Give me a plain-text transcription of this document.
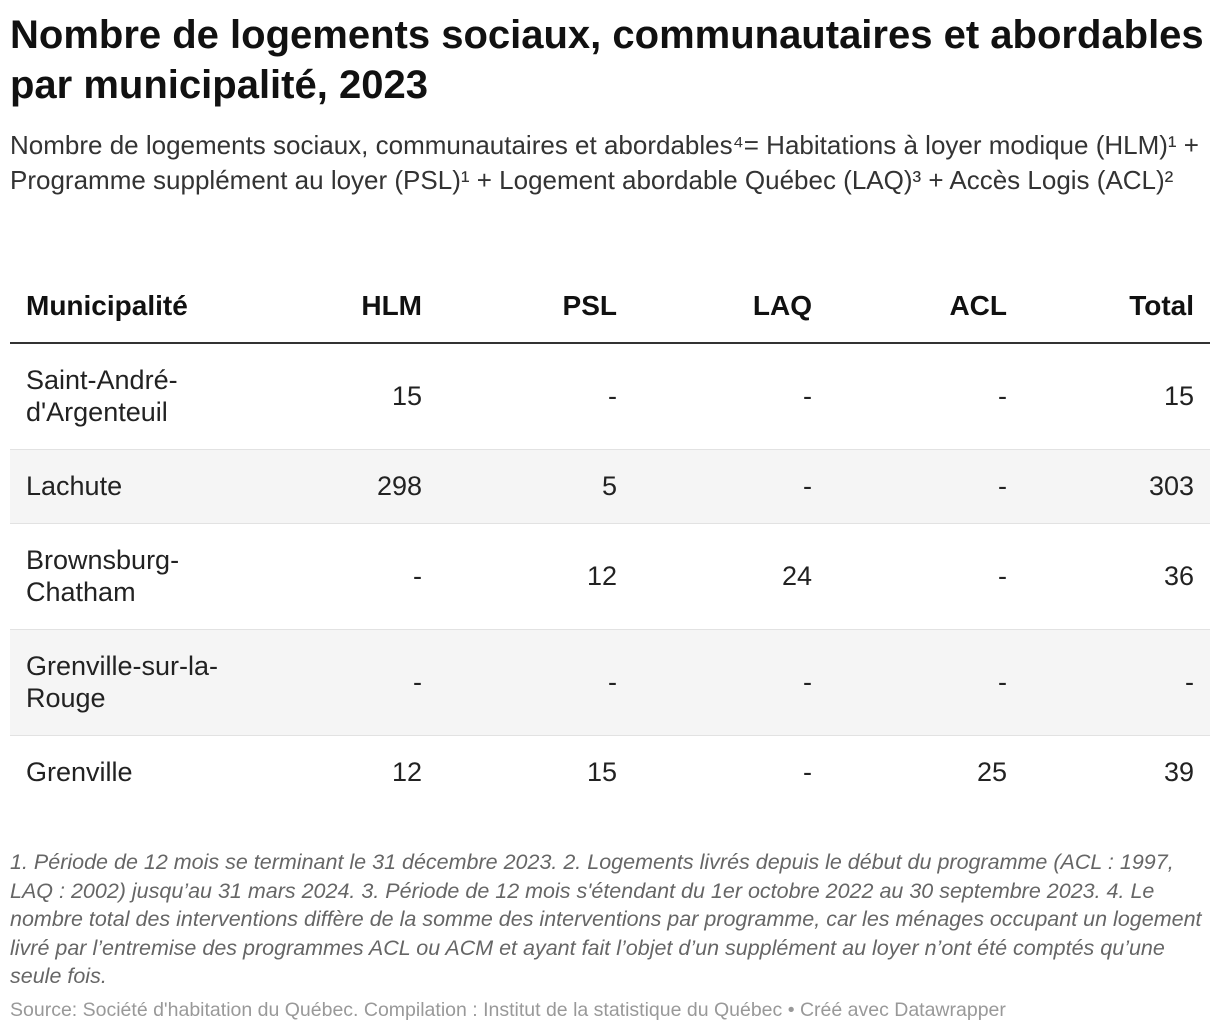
Nombre de logements sociaux, communautaires et abordables par municipalité, 2023

Nombre de logements sociaux, communautaires et abordables⁴= Habitations à loyer modique (HLM)¹ + Programme supplément au loyer (PSL)¹ + Logement abordable Québec (LAQ)³ + Accès Logis (ACL)²

Municipalité	HLM	PSL	LAQ	ACL	Total
Saint-André-d'Argenteuil	15	-	-	-	15
Lachute	298	5	-	-	303
Brownsburg-Chatham	-	12	24	-	36
Grenville-sur-la-Rouge	-	-	-	-	-
Grenville	12	15	-	25	39

1. Période de 12 mois se terminant le 31 décembre 2023. 2. Logements livrés depuis le début du programme (ACL : 1997, LAQ : 2002) jusqu’au 31 mars 2024. 3. Période de 12 mois s'étendant du 1er octobre 2022 au 30 septembre 2023. 4. Le nombre total des interventions diffère de la somme des interventions par programme, car les ménages occupant un logement livré par l’entremise des programmes ACL ou ACM et ayant fait l’objet d’un supplément au loyer n’ont été comptés qu’une seule fois.

Source: Société d'habitation du Québec. Compilation : Institut de la statistique du Québec • Créé avec Datawrapper
